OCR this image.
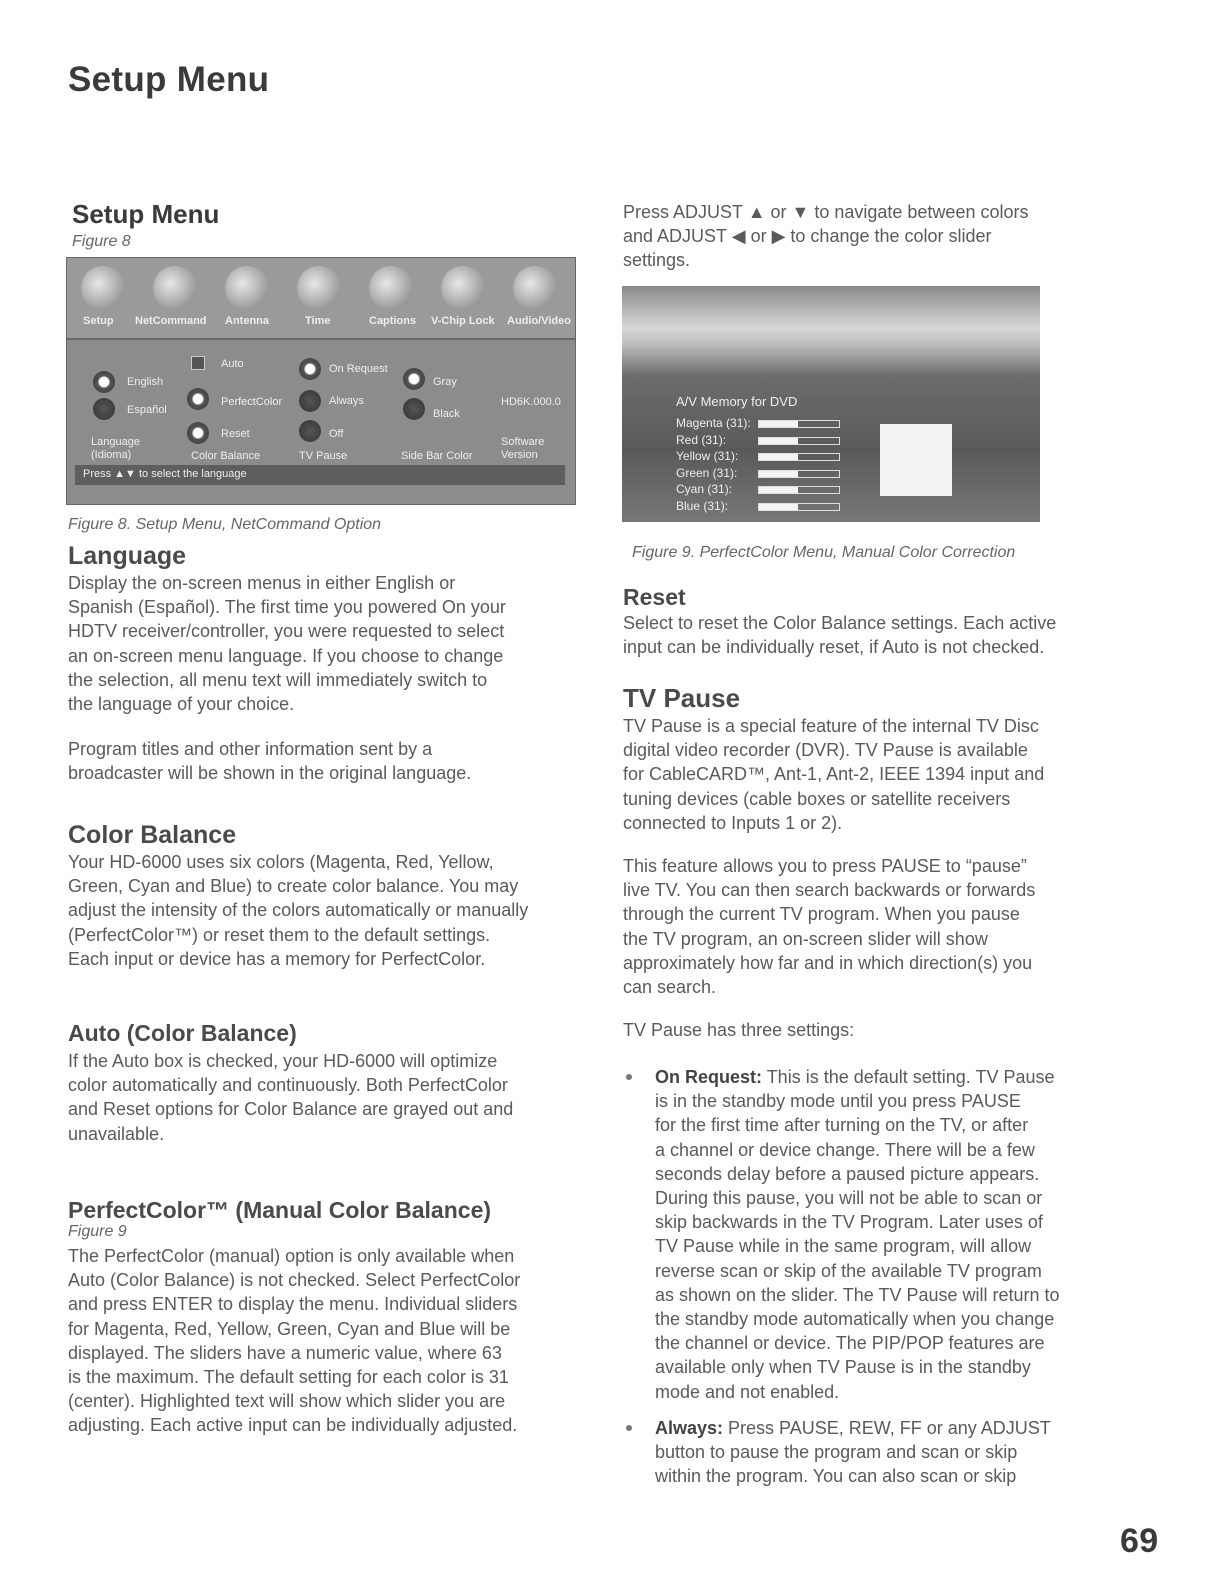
Setup Menu
Setup Menu
Figure 8
Setup NetCommand Antenna	Time	Captions V-Chip Lock Audio/Video
English
Español
Language
(Idioma)
Auto
PerfectColor
Reset
Color Balance
On Request
Always
Off
TV Pause
Gray
Black
Side Bar Color
HD6K.000.0
Software
Version
Press ▲▼ to select the language
Figure 8. Setup Menu, NetCommand Option
Language
Display the on-screen menus in either English or
Spanish (Español). The first time you powered On your
HDTV receiver/controller, you were requested to select
an on-screen menu language. If you choose to change
the selection, all menu text will immediately switch to
the language of your choice.
Program titles and other information sent by a
broadcaster will be shown in the original language.
Color Balance
Your HD-6000 uses six colors (Magenta, Red, Yellow,
Green, Cyan and Blue) to create color balance. You may
adjust the intensity of the colors automatically or manually
(PerfectColor™) or reset them to the default settings.
Each input or device has a memory for PerfectColor.
Auto (Color Balance)
If the Auto box is checked, your HD-6000 will optimize
color automatically and continuously. Both PerfectColor
and Reset options for Color Balance are grayed out and
unavailable.
PerfectColor™ (Manual Color Balance)
Figure 9
The PerfectColor (manual) option is only available when
Auto (Color Balance) is not checked. Select PerfectColor
and press ENTER to display the menu. Individual sliders
for Magenta, Red, Yellow, Green, Cyan and Blue will be
displayed. The sliders have a numeric value, where 63
is the maximum. The default setting for each color is 31
(center). Highlighted text will show which slider you are
adjusting. Each active input can be individually adjusted.
Press ADJUST ▲ or ▼ to navigate between colors
and ADJUST ◀ or ▶ to change the color slider
settings.
A/V Memory for DVD
Magenta (31):
Red (31):
Yellow (31):
Green (31):
Cyan (31):
Blue (31):
Figure 9. PerfectColor Menu, Manual Color Correction
Reset
Select to reset the Color Balance settings. Each active
input can be individually reset, if Auto is not checked.
TV Pause
TV Pause is a special feature of the internal TV Disc
digital video recorder (DVR). TV Pause is available
for CableCARD™, Ant-1, Ant-2, IEEE 1394 input and
tuning devices (cable boxes or satellite receivers
connected to Inputs 1 or 2).
This feature allows you to press PAUSE to “pause”
live TV. You can then search backwards or forwards
through the current TV program. When you pause
the TV program, an on-screen slider will show
approximately how far and in which direction(s) you
can search.
TV Pause has three settings:
On Request: This is the default setting. TV Pause
is in the standby mode until you press PAUSE
for the first time after turning on the TV, or after
a channel or device change. There will be a few
seconds delay before a paused picture appears.
During this pause, you will not be able to scan or
skip backwards in the TV Program. Later uses of
TV Pause while in the same program, will allow
reverse scan or skip of the available TV program
as shown on the slider. The TV Pause will return to
the standby mode automatically when you change
the channel or device. The PIP/POP features are
available only when TV Pause is in the standby
mode and not enabled.
Always: Press PAUSE, REW, FF or any ADJUST
button to pause the program and scan or skip
within the program. You can also scan or skip
69
